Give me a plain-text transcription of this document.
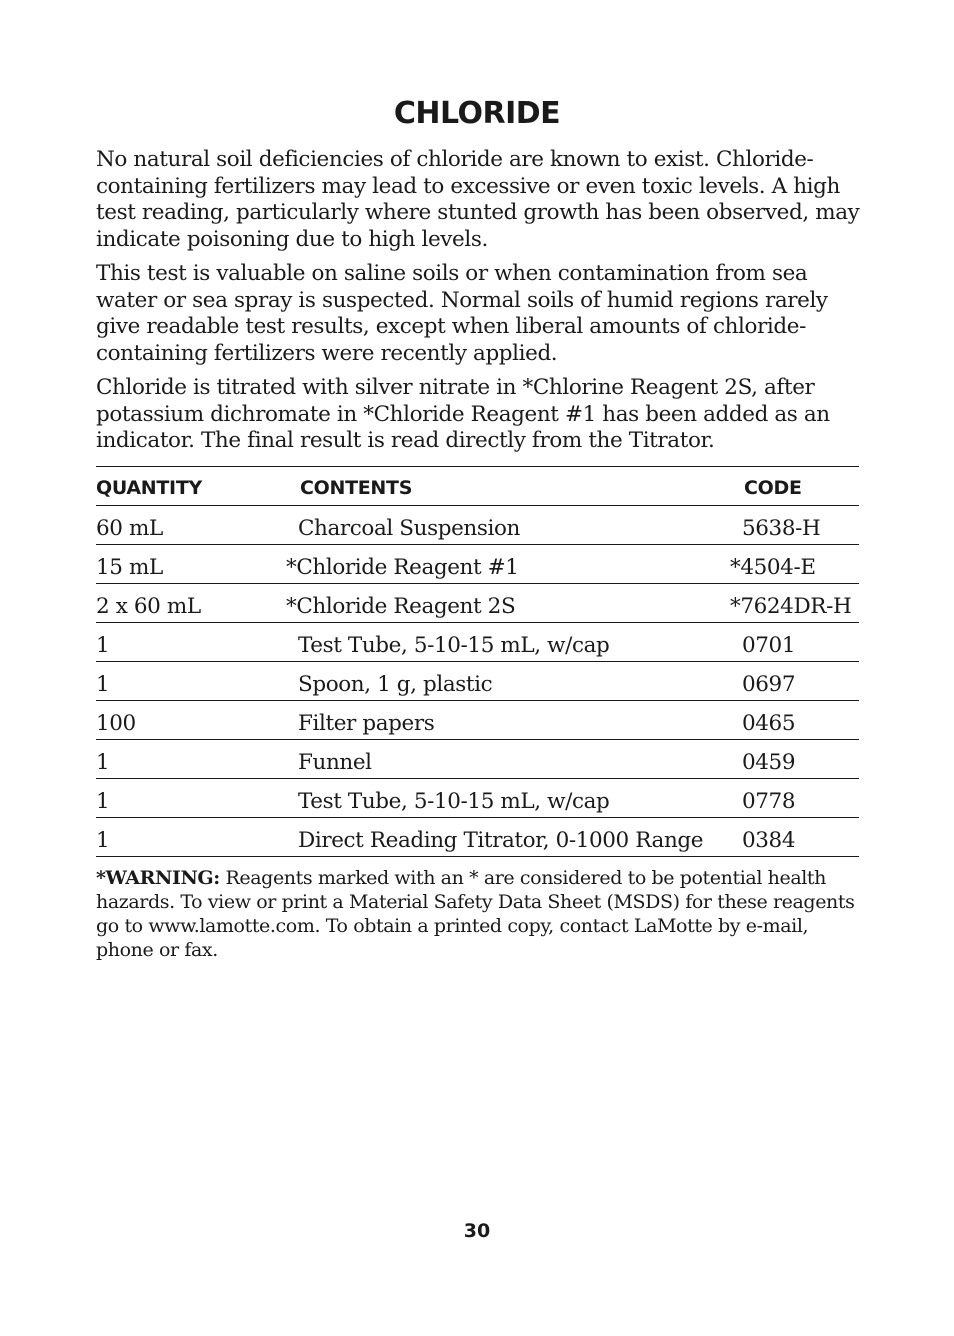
CHLORIDE

No natural soil deficiencies of chloride are known to exist. Chloride-containing fertilizers may lead to excessive or even toxic levels. A high test reading, particularly where stunted growth has been observed, may indicate poisoning due to high levels.

This test is valuable on saline soils or when contamination from sea water or sea spray is suspected. Normal soils of humid regions rarely give readable test results, except when liberal amounts of chloride-containing fertilizers were recently applied.

Chloride is titrated with silver nitrate in *Chlorine Reagent 2S, after potassium dichromate in *Chloride Reagent #1 has been added as an indicator. The final result is read directly from the Titrator.

QUANTITY	CONTENTS	CODE
60 mL	Charcoal Suspension	5638-H
15 mL	*Chloride Reagent #1	*4504-E
2 x 60 mL	*Chloride Reagent 2S	*7624DR-H
1	Test Tube, 5-10-15 mL, w/cap	0701
1	Spoon, 1 g, plastic	0697
100	Filter papers	0465
1	Funnel	0459
1	Test Tube, 5-10-15 mL, w/cap	0778
1	Direct Reading Titrator, 0-1000 Range 0384
*WARNING: Reagents marked with an * are considered to be potential health hazards. To view or print a Material Safety Data Sheet (MSDS) for these reagents go to www.lamotte.com. To obtain a printed copy, contact LaMotte by e-mail, phone or fax.
30
